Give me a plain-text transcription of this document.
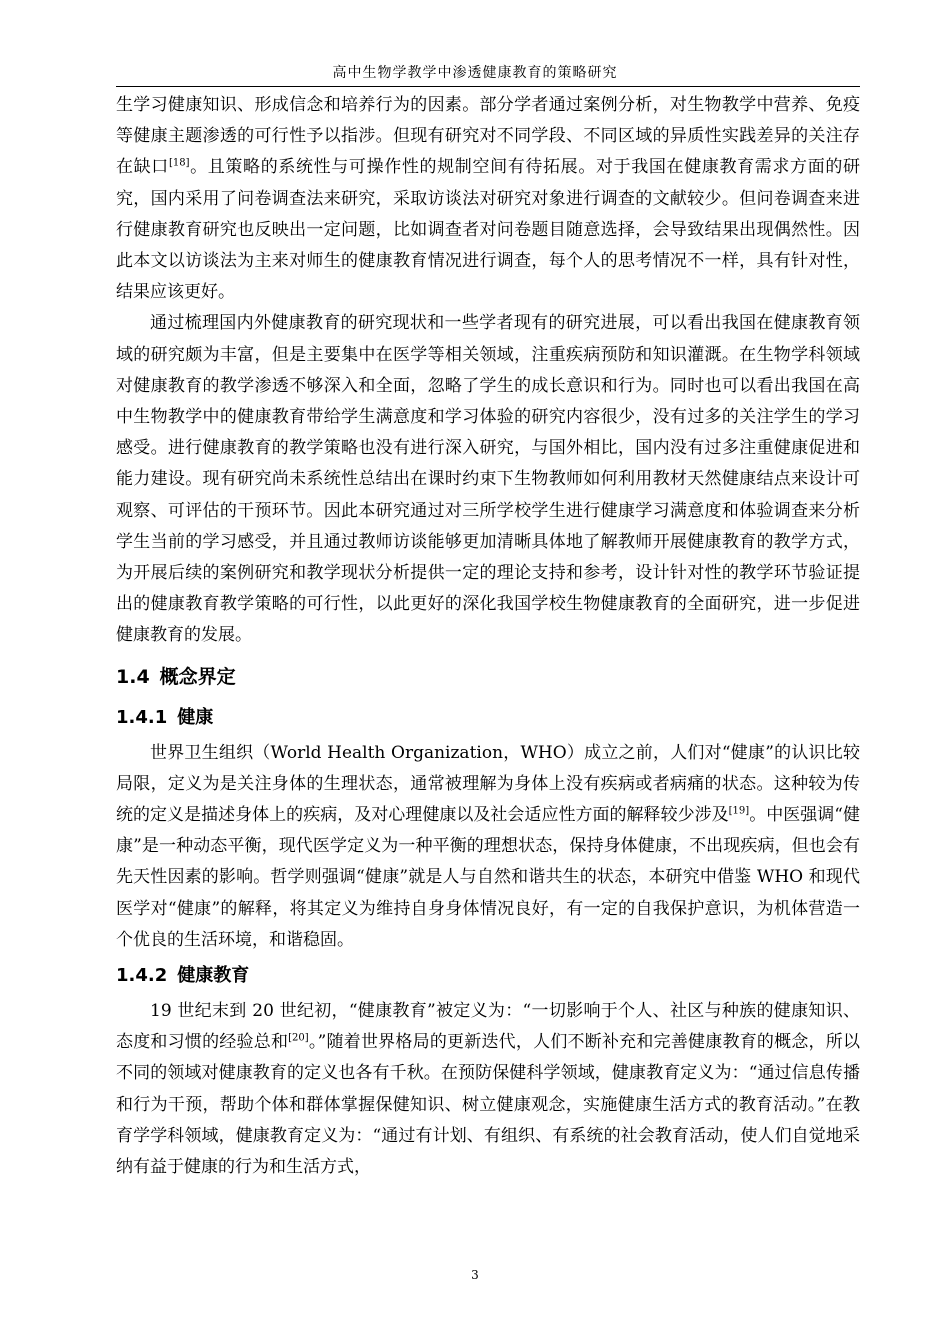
高中生物学教学中渗透健康教育的策略研究

生学习健康知识、形成信念和培养行为的因素。部分学者通过案例分析，对生物教学中营养、免疫等健康主题渗透的可行性予以指涉。但现有研究对不同学段、不同区域的异质性实践差异的关注存在缺口[18]。且策略的系统性与可操作性的规制空间有待拓展。对于我国在健康教育需求方面的研究，国内采用了问卷调查法来研究，采取访谈法对研究对象进行调查的文献较少。但问卷调查来进行健康教育研究也反映出一定问题，比如调查者对问卷题目随意选择，会导致结果出现偶然性。因此本文以访谈法为主来对师生的健康教育情况进行调查，每个人的思考情况不一样，具有针对性，结果应该更好。

通过梳理国内外健康教育的研究现状和一些学者现有的研究进展，可以看出我国在健康教育领域的研究颇为丰富，但是主要集中在医学等相关领域，注重疾病预防和知识灌溉。在生物学科领域对健康教育的教学渗透不够深入和全面，忽略了学生的成长意识和行为。同时也可以看出我国在高中生物教学中的健康教育带给学生满意度和学习体验的研究内容很少，没有过多的关注学生的学习感受。进行健康教育的教学策略也没有进行深入研究，与国外相比，国内没有过多注重健康促进和能力建设。现有研究尚未系统性总结出在课时约束下生物教师如何利用教材天然健康结点来设计可观察、可评估的干预环节。因此本研究通过对三所学校学生进行健康学习满意度和体验调查来分析学生当前的学习感受，并且通过教师访谈能够更加清晰具体地了解教师开展健康教育的教学方式，为开展后续的案例研究和教学现状分析提供一定的理论支持和参考，设计针对性的教学环节验证提出的健康教育教学策略的可行性，以此更好的深化我国学校生物健康教育的全面研究，进一步促进健康教育的发展。

1.4 概念界定
1.4.1 健康

世界卫生组织（World Health Organization，WHO）成立之前，人们对“健康”的认识比较局限，定义为是关注身体的生理状态，通常被理解为身体上没有疾病或者病痛的状态。这种较为传统的定义是描述身体上的疾病，及对心理健康以及社会适应性方面的解释较少涉及[19]。中医强调“健康”是一种动态平衡，现代医学定义为一种平衡的理想状态，保持身体健康，不出现疾病，但也会有先天性因素的影响。哲学则强调“健康”就是人与自然和谐共生的状态，本研究中借鉴 WHO 和现代医学对“健康”的解释，将其定义为维持自身身体情况良好，有一定的自我保护意识，为机体营造一个优良的生活环境，和谐稳固。

1.4.2 健康教育

19 世纪末到 20 世纪初，“健康教育”被定义为：“一切影响于个人、社区与种族的健康知识、态度和习惯的经验总和[20]。”随着世界格局的更新迭代，人们不断补充和完善健康教育的概念，所以不同的领域对健康教育的定义也各有千秋。在预防保健科学领域，健康教育定义为：“通过信息传播和行为干预，帮助个体和群体掌握保健知识、树立健康观念，实施健康生活方式的教育活动。”在教育学学科领域，健康教育定义为：“通过有计划、有组织、有系统的社会教育活动，使人们自觉地采纳有益于健康的行为和生活方式，

3
